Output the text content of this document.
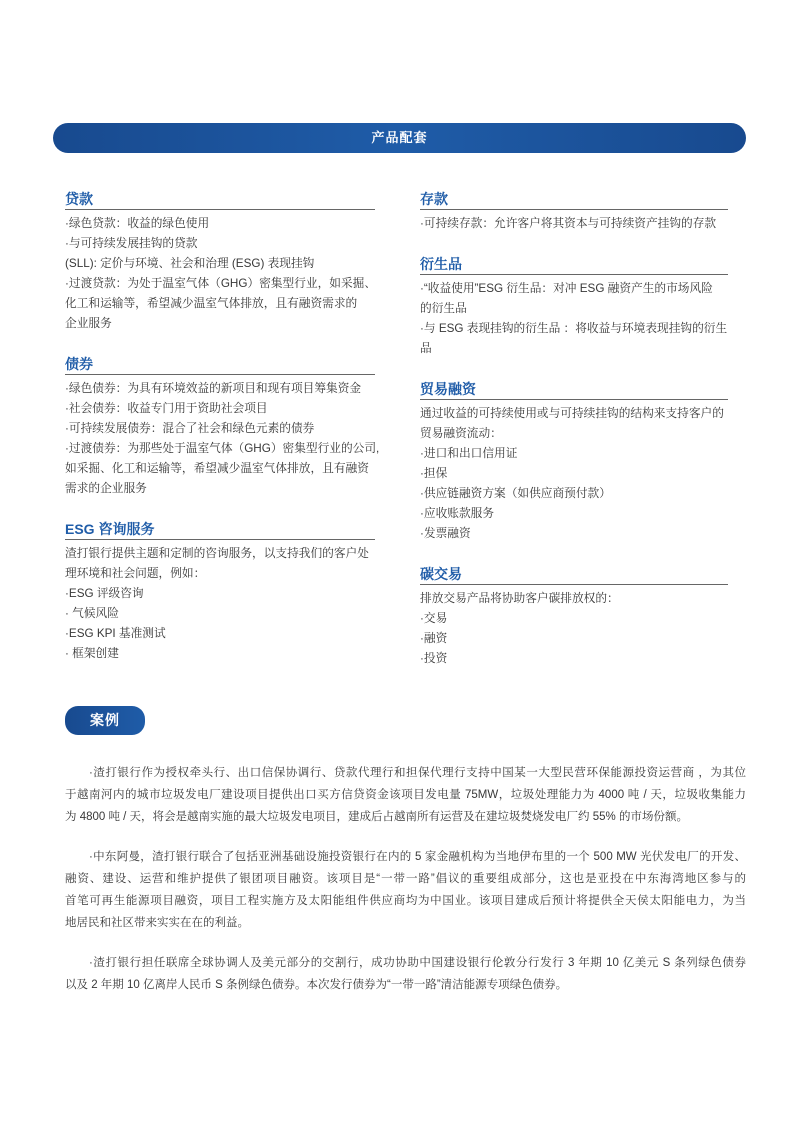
产品配套
贷款
·绿色贷款：收益的绿色使用
·与可持续发展挂钩的贷款
(SLL): 定价与环境、社会和治理 (ESG) 表现挂钩
·过渡贷款：为处于温室气体（GHG）密集型行业，如采掘、
化工和运输等，希望减少温室气体排放，且有融资需求的
企业服务
债券
·绿色债券：为具有环境效益的新项目和现有项目筹集资金
·社会债券：收益专门用于资助社会项目
·可持续发展债券：混合了社会和绿色元素的债券
·过渡债券：为那些处于温室气体（GHG）密集型行业的公司,
如采掘、化工和运输等，希望减少温室气体排放，且有融资
需求的企业服务
ESG 咨询服务
渣打银行提供主题和定制的咨询服务，以支持我们的客户处
理环境和社会问题，例如：
·ESG 评级咨询
· 气候风险
·ESG KPI 基准测试
· 框架创建
存款
·可持续存款：允许客户将其资本与可持续资产挂钩的存款
衍生品
·“收益使用”ESG 衍生品：对冲 ESG 融资产生的市场风险
的衍生品
·与 ESG 表现挂钩的衍生品 ：将收益与环境表现挂钩的衍生
品
贸易融资
通过收益的可持续使用或与可持续挂钩的结构来支持客户的
贸易融资流动：
·进口和出口信用证
·担保
·供应链融资方案（如供应商预付款）
·应收账款服务
·发票融资
碳交易
排放交易产品将协助客户碳排放权的：
·交易
·融资
·投资
案例
·渣打银行作为授权牵头行、出口信保协调行、贷款代理行和担保代理行支持中国某一大型民营环保能源投资运营商 ，为其位
于越南河内的城市垃圾发电厂建设项目提供出口买方信贷资金该项目发电量 75MW，垃圾处理能力为 4000 吨 / 天，垃圾收集能力
为 4800 吨 / 天，将会是越南实施的最大垃圾发电项目，建成后占越南所有运营及在建垃圾焚烧发电厂约 55% 的市场份额。
·中东阿曼，渣打银行联合了包括亚洲基础设施投资银行在内的 5 家金融机构为当地伊布里的一个 500 MW 光伏发电厂的开发、
融资、建设、运营和维护提供了银团项目融资。该项目是“一带一路”倡议的重要组成部分，这也是亚投在中东海湾地区参与的
首笔可再生能源项目融资，项目工程实施方及太阳能组件供应商均为中国业。该项目建成后预计将提供全天侯太阳能电力，为当
地居民和社区带来实实在在的利益。
·渣打银行担任联席全球协调人及美元部分的交割行，成功协助中国建设银行伦敦分行发行 3 年期 10 亿美元 S 条列绿色债券
以及 2 年期 10 亿离岸人民币 S 条例绿色债券。本次发行债券为“一带一路”清洁能源专项绿色债券。
